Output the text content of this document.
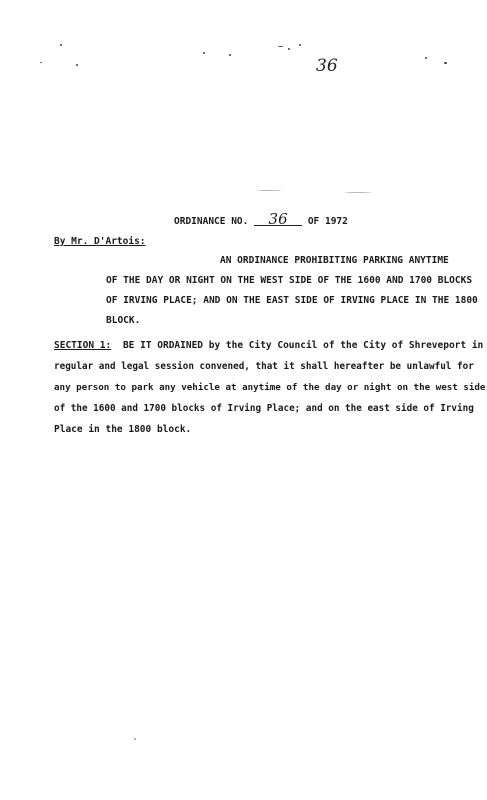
36
ORDINANCE NO. 36 OF 1972
By Mr. D'Artois:
AN ORDINANCE PROHIBITING PARKING ANYTIME
OF THE DAY OR NIGHT ON THE WEST SIDE OF THE 1600 AND 1700 BLOCKS
OF IRVING PLACE; AND ON THE EAST SIDE OF IRVING PLACE IN THE 1800
BLOCK.
SECTION 1: BE IT ORDAINED by the City Council of the City of Shreveport in
regular and legal session convened, that it shall hereafter be unlawful for
any person to park any vehicle at anytime of the day or night on the west side
of the 1600 and 1700 blocks of Irving Place; and on the east side of Irving
Place in the 1800 block.
